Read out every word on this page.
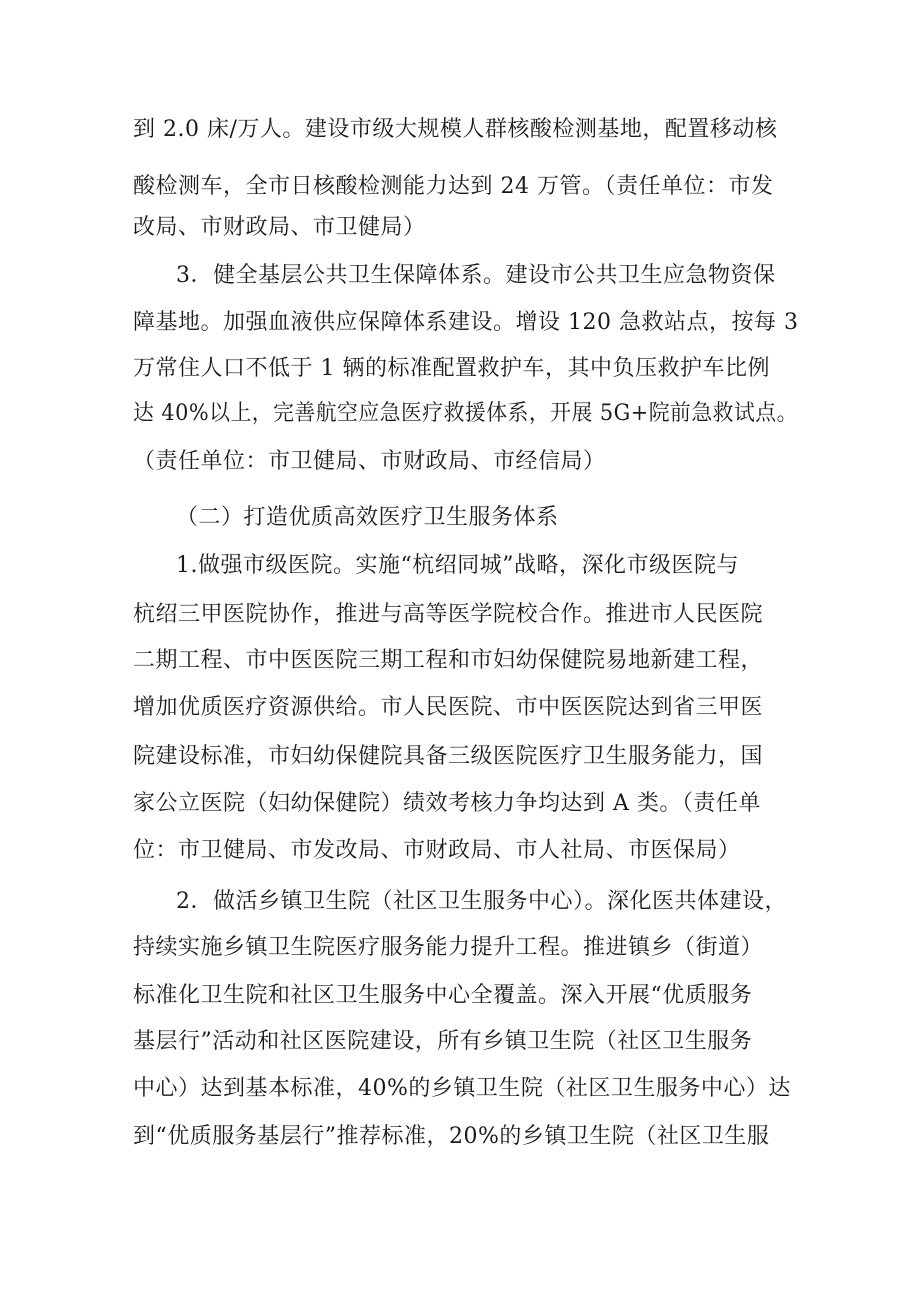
到 2.0 床/万人。建设市级大规模人群核酸检测基地，配置移动核
酸检测车，全市日核酸检测能力达到 24 万管。（责任单位：市发
改局、市财政局、市卫健局）
3．健全基层公共卫生保障体系。建设市公共卫生应急物资保
障基地。加强血液供应保障体系建设。增设 120 急救站点，按每 3
万常住人口不低于 1 辆的标准配置救护车，其中负压救护车比例
达 40%以上，完善航空应急医疗救援体系，开展 5G+院前急救试点。
（责任单位：市卫健局、市财政局、市经信局）
（二）打造优质高效医疗卫生服务体系
1.做强市级医院。实施“杭绍同城”战略，深化市级医院与
杭绍三甲医院协作，推进与高等医学院校合作。推进市人民医院
二期工程、市中医医院三期工程和市妇幼保健院易地新建工程，
增加优质医疗资源供给。市人民医院、市中医医院达到省三甲医
院建设标准，市妇幼保健院具备三级医院医疗卫生服务能力，国
家公立医院（妇幼保健院）绩效考核力争均达到 A 类。（责任单
位：市卫健局、市发改局、市财政局、市人社局、市医保局）
2．做活乡镇卫生院（社区卫生服务中心）。深化医共体建设，
持续实施乡镇卫生院医疗服务能力提升工程。推进镇乡（街道）
标准化卫生院和社区卫生服务中心全覆盖。深入开展“优质服务
基层行”活动和社区医院建设，所有乡镇卫生院（社区卫生服务
中心）达到基本标准，40%的乡镇卫生院（社区卫生服务中心）达
到“优质服务基层行”推荐标准，20%的乡镇卫生院（社区卫生服
